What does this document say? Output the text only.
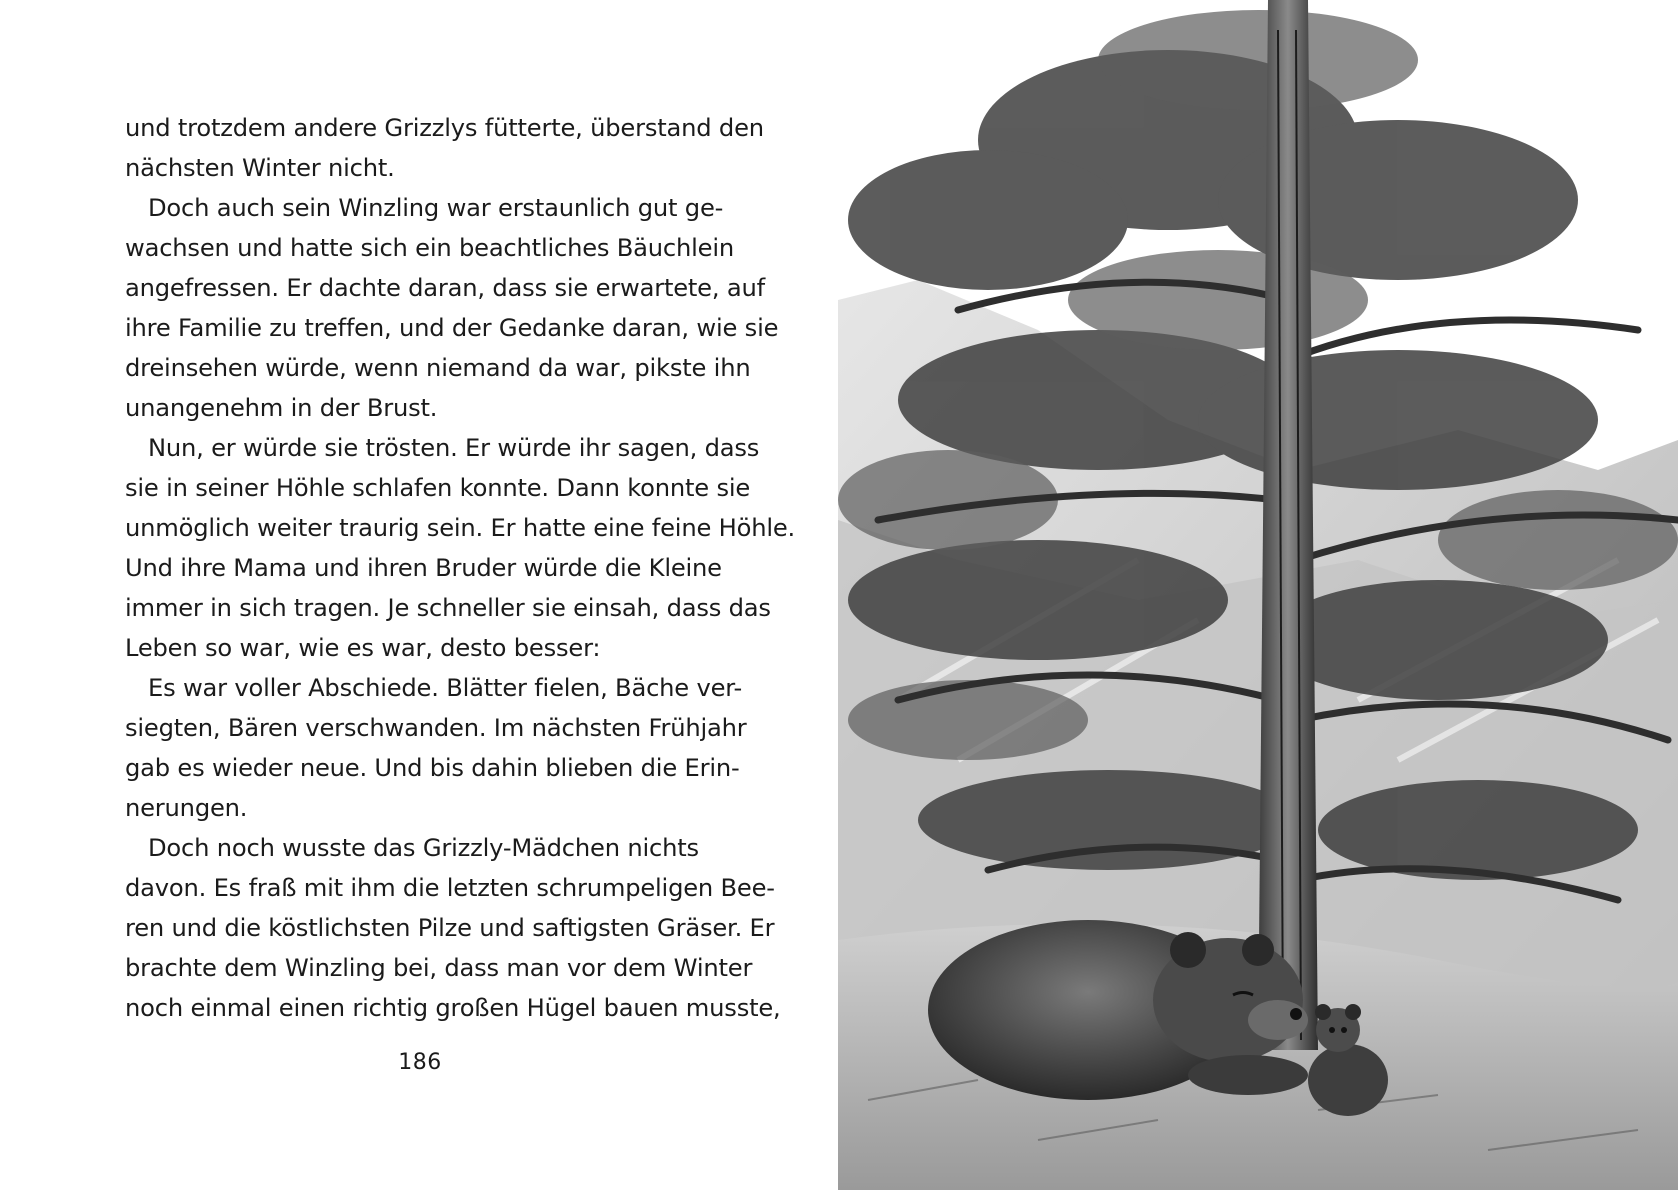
und trotzdem andere Grizzlys fütterte, überstand den

nächsten Winter nicht.

Doch auch sein Winzling war erstaunlich gut ge-

wachsen und hatte sich ein beachtliches Bäuchlein

angefressen. Er dachte daran, dass sie erwartete, auf

ihre Familie zu treffen, und der Gedanke daran, wie sie

dreinsehen würde, wenn niemand da war, pikste ihn

unangenehm in der Brust.

Nun, er würde sie trösten. Er würde ihr sagen, dass

sie in seiner Höhle schlafen konnte. Dann konnte sie

unmöglich weiter traurig sein. Er hatte eine feine Höhle.

Und ihre Mama und ihren Bruder würde die Kleine

immer in sich tragen. Je schneller sie einsah, dass das

Leben so war, wie es war, desto besser:

Es war voller Abschiede. Blätter fielen, Bäche ver-

siegten, Bären verschwanden. Im nächsten Frühjahr

gab es wieder neue. Und bis dahin blieben die Erin-

nerungen.

Doch noch wusste das Grizzly-Mädchen nichts

davon. Es fraß mit ihm die letzten schrumpeligen Bee-

ren und die köstlichsten Pilze und saftigsten Gräser. Er

brachte dem Winzling bei, dass man vor dem Winter

noch einmal einen richtig großen Hügel bauen musste,

186
